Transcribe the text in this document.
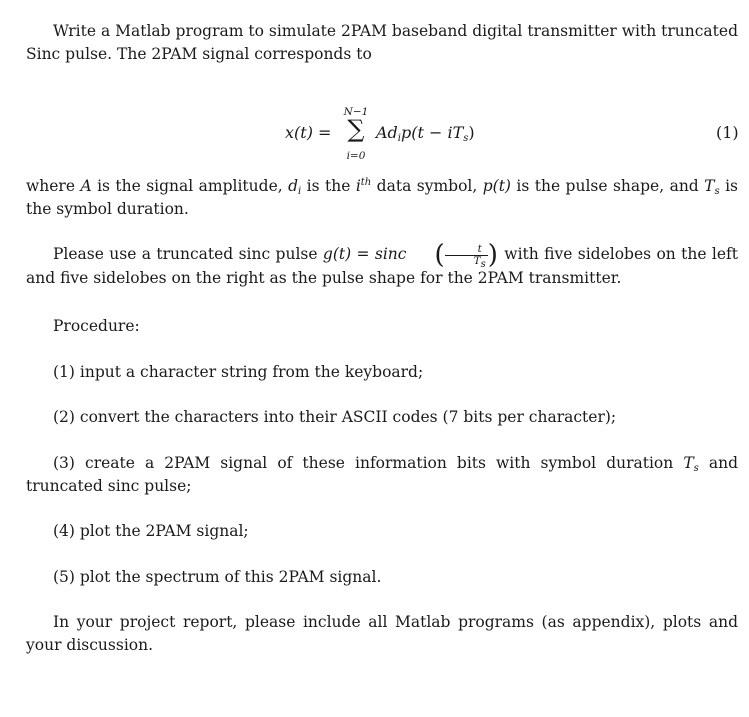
Write a Matlab program to simulate 2PAM baseband digital transmitter with truncated Sinc pulse. The 2PAM signal corresponds to

x(t) =
N−1
∑
i=0
$Ad_ip(t - iT_s)$	(1)

where A is the signal amplitude, $d_i$ is the $i^{th}$ data symbol, p(t) is the pulse shape, and $T_s$ is the symbol duration.

Please use a truncated sinc pulse g(t) = sinc ( $\frac{t}{T_s}$ ) with five sidelobes on the left and five sidelobes on the right as the pulse shape for the 2PAM transmitter.

Procedure:

(1) input a character string from the keyboard;

(2) convert the characters into their ASCII codes (7 bits per character);

(3) create a 2PAM signal of these information bits with symbol duration $T_s$ and truncated sinc pulse;

(4) plot the 2PAM signal;

(5) plot the spectrum of this 2PAM signal.

In your project report, please include all Matlab programs (as appendix), plots and your discussion.
